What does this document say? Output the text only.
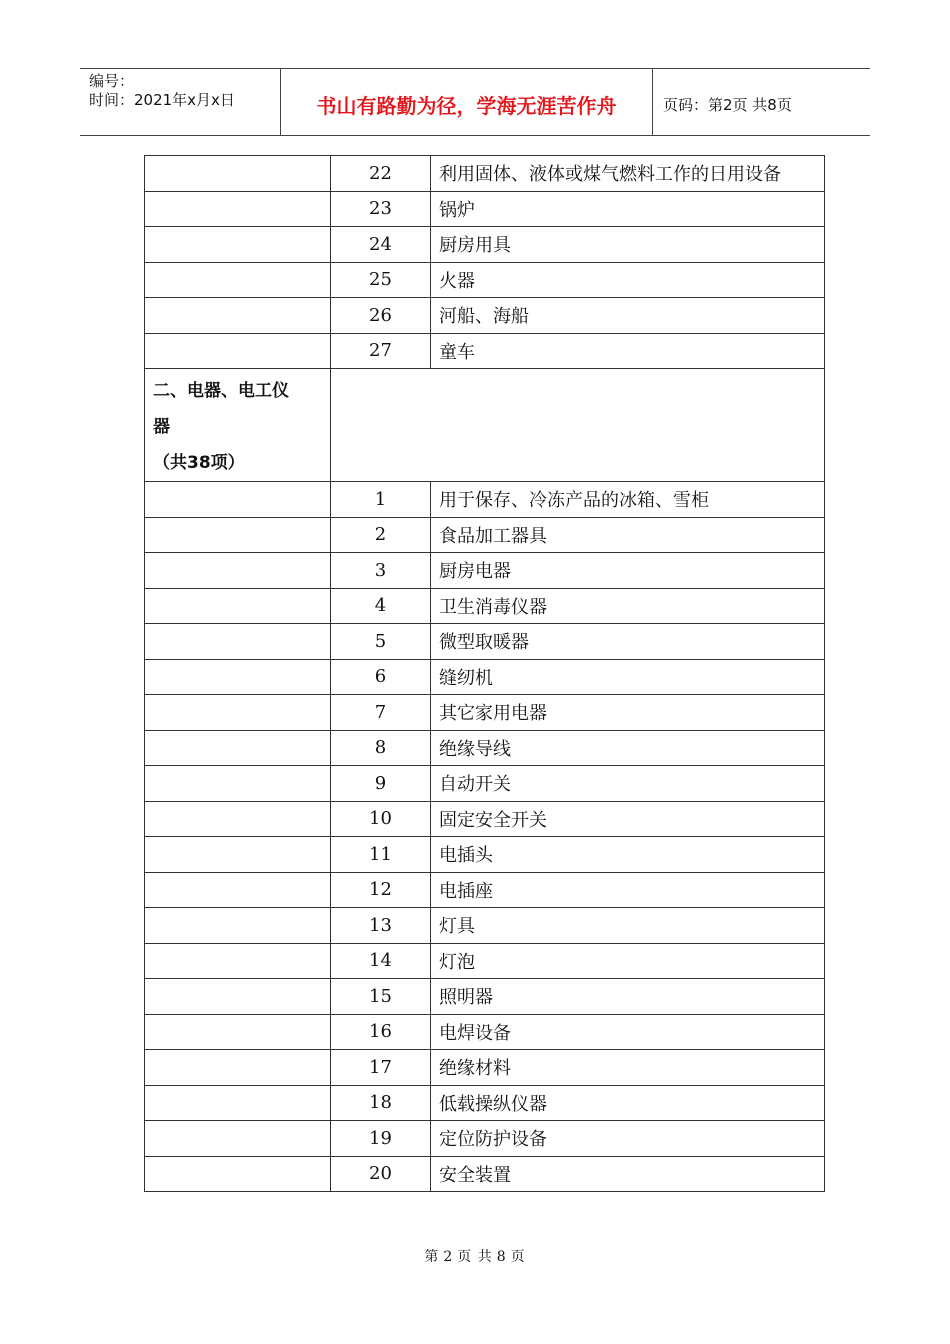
编号：
时间：2021年x月x日	书山有路勤为径，学海无涯苦作舟	页码：第2页 共8页
	22	利用固体、液体或煤气燃料工作的日用设备
	23	锅炉
	24	厨房用具
	25	火器
	26	河船、海船
	27	童车

二、电器、电工仪
器
（共38项）		

	1	用于保存、冷冻产品的冰箱、雪柜
	2	食品加工器具
	3	厨房电器
	4	卫生消毒仪器
	5	微型取暖器
	6	缝纫机
	7	其它家用电器
	8	绝缘导线
	9	自动开关
	10	固定安全开关
	11	电插头
	12	电插座
	13	灯具
	14	灯泡
	15	照明器
	16	电焊设备
	17	绝缘材料
	18	低载操纵仪器
	19	定位防护设备
	20	安全装置
第 2 页 共 8 页
